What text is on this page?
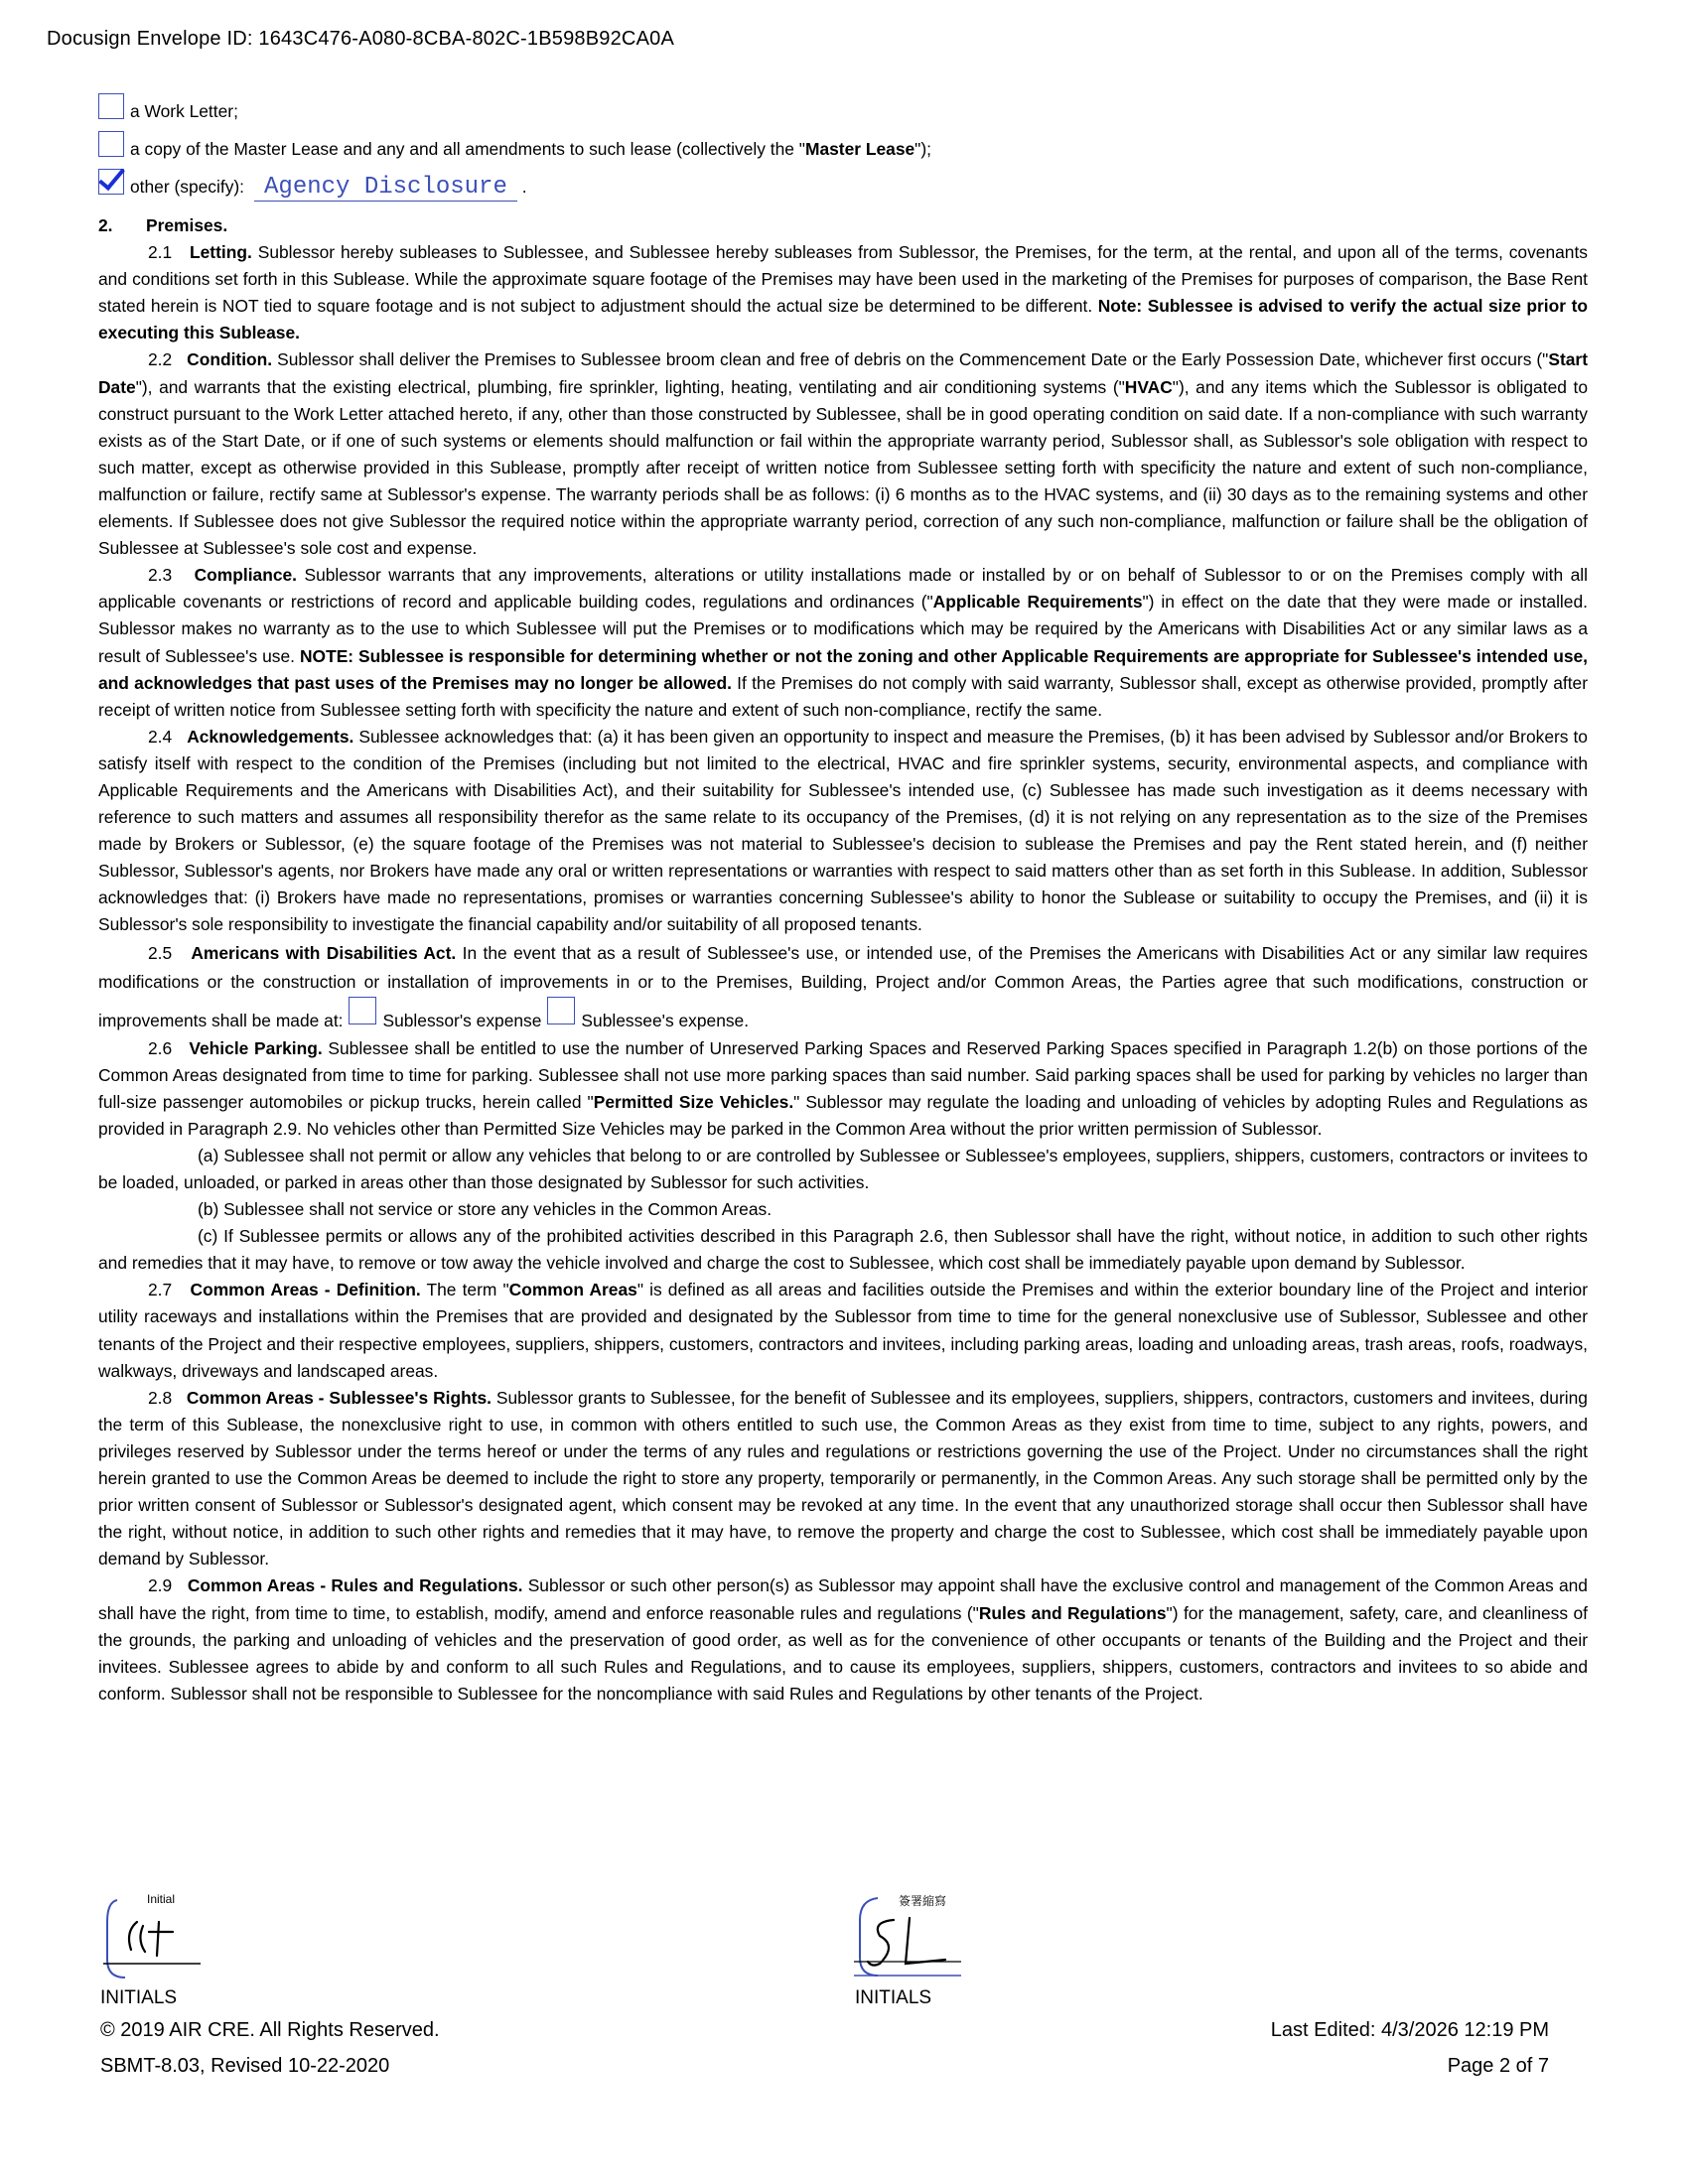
Docusign Envelope ID: 1643C476-A080-8CBA-802C-1B598B92CA0A
a Work Letter;
a copy of the Master Lease and any and all amendments to such lease (collectively the "Master Lease");
other (specify): Agency Disclosure .
2. Premises.

2.1 Letting. Sublessor hereby subleases to Sublessee, and Sublessee hereby subleases from Sublessor, the Premises, for the term, at the rental, and upon all of the terms, covenants and conditions set forth in this Sublease. While the approximate square footage of the Premises may have been used in the marketing of the Premises for purposes of comparison, the Base Rent stated herein is NOT tied to square footage and is not subject to adjustment should the actual size be determined to be different. Note: Sublessee is advised to verify the actual size prior to executing this Sublease.

2.2 Condition. Sublessor shall deliver the Premises to Sublessee broom clean and free of debris on the Commencement Date or the Early Possession Date, whichever first occurs ("Start Date"), and warrants that the existing electrical, plumbing, fire sprinkler, lighting, heating, ventilating and air conditioning systems ("HVAC"), and any items which the Sublessor is obligated to construct pursuant to the Work Letter attached hereto, if any, other than those constructed by Sublessee, shall be in good operating condition on said date. If a non-compliance with such warranty exists as of the Start Date, or if one of such systems or elements should malfunction or fail within the appropriate warranty period, Sublessor shall, as Sublessor's sole obligation with respect to such matter, except as otherwise provided in this Sublease, promptly after receipt of written notice from Sublessee setting forth with specificity the nature and extent of such non-compliance, malfunction or failure, rectify same at Sublessor's expense. The warranty periods shall be as follows: (i) 6 months as to the HVAC systems, and (ii) 30 days as to the remaining systems and other elements. If Sublessee does not give Sublessor the required notice within the appropriate warranty period, correction of any such non-compliance, malfunction or failure shall be the obligation of Sublessee at Sublessee's sole cost and expense.

2.3 Compliance. Sublessor warrants that any improvements, alterations or utility installations made or installed by or on behalf of Sublessor to or on the Premises comply with all applicable covenants or restrictions of record and applicable building codes, regulations and ordinances ("Applicable Requirements") in effect on the date that they were made or installed. Sublessor makes no warranty as to the use to which Sublessee will put the Premises or to modifications which may be required by the Americans with Disabilities Act or any similar laws as a result of Sublessee's use. NOTE: Sublessee is responsible for determining whether or not the zoning and other Applicable Requirements are appropriate for Sublessee's intended use, and acknowledges that past uses of the Premises may no longer be allowed. If the Premises do not comply with said warranty, Sublessor shall, except as otherwise provided, promptly after receipt of written notice from Sublessee setting forth with specificity the nature and extent of such non-compliance, rectify the same.

2.4 Acknowledgements. Sublessee acknowledges that: (a) it has been given an opportunity to inspect and measure the Premises, (b) it has been advised by Sublessor and/or Brokers to satisfy itself with respect to the condition of the Premises (including but not limited to the electrical, HVAC and fire sprinkler systems, security, environmental aspects, and compliance with Applicable Requirements and the Americans with Disabilities Act), and their suitability for Sublessee's intended use, (c) Sublessee has made such investigation as it deems necessary with reference to such matters and assumes all responsibility therefor as the same relate to its occupancy of the Premises, (d) it is not relying on any representation as to the size of the Premises made by Brokers or Sublessor, (e) the square footage of the Premises was not material to Sublessee's decision to sublease the Premises and pay the Rent stated herein, and (f) neither Sublessor, Sublessor's agents, nor Brokers have made any oral or written representations or warranties with respect to said matters other than as set forth in this Sublease. In addition, Sublessor acknowledges that: (i) Brokers have made no representations, promises or warranties concerning Sublessee's ability to honor the Sublease or suitability to occupy the Premises, and (ii) it is Sublessor's sole responsibility to investigate the financial capability and/or suitability of all proposed tenants.

2.5 Americans with Disabilities Act. In the event that as a result of Sublessee's use, or intended use, of the Premises the Americans with Disabilities Act or any similar law requires modifications or the construction or installation of improvements in or to the Premises, Building, Project and/or Common Areas, the Parties agree that such modifications, construction or improvements shall be made at: Sublessor's expense Sublessee's expense.

2.6 Vehicle Parking. Sublessee shall be entitled to use the number of Unreserved Parking Spaces and Reserved Parking Spaces specified in Paragraph 1.2(b) on those portions of the Common Areas designated from time to time for parking. Sublessee shall not use more parking spaces than said number. Said parking spaces shall be used for parking by vehicles no larger than full-size passenger automobiles or pickup trucks, herein called "Permitted Size Vehicles." Sublessor may regulate the loading and unloading of vehicles by adopting Rules and Regulations as provided in Paragraph 2.9. No vehicles other than Permitted Size Vehicles may be parked in the Common Area without the prior written permission of Sublessor.

(a) Sublessee shall not permit or allow any vehicles that belong to or are controlled by Sublessee or Sublessee's employees, suppliers, shippers, customers, contractors or invitees to be loaded, unloaded, or parked in areas other than those designated by Sublessor for such activities.

(b) Sublessee shall not service or store any vehicles in the Common Areas.

(c) If Sublessee permits or allows any of the prohibited activities described in this Paragraph 2.6, then Sublessor shall have the right, without notice, in addition to such other rights and remedies that it may have, to remove or tow away the vehicle involved and charge the cost to Sublessee, which cost shall be immediately payable upon demand by Sublessor.

2.7 Common Areas - Definition. The term "Common Areas" is defined as all areas and facilities outside the Premises and within the exterior boundary line of the Project and interior utility raceways and installations within the Premises that are provided and designated by the Sublessor from time to time for the general nonexclusive use of Sublessor, Sublessee and other tenants of the Project and their respective employees, suppliers, shippers, customers, contractors and invitees, including parking areas, loading and unloading areas, trash areas, roofs, roadways, walkways, driveways and landscaped areas.

2.8 Common Areas - Sublessee's Rights. Sublessor grants to Sublessee, for the benefit of Sublessee and its employees, suppliers, shippers, contractors, customers and invitees, during the term of this Sublease, the nonexclusive right to use, in common with others entitled to such use, the Common Areas as they exist from time to time, subject to any rights, powers, and privileges reserved by Sublessor under the terms hereof or under the terms of any rules and regulations or restrictions governing the use of the Project. Under no circumstances shall the right herein granted to use the Common Areas be deemed to include the right to store any property, temporarily or permanently, in the Common Areas. Any such storage shall be permitted only by the prior written consent of Sublessor or Sublessor's designated agent, which consent may be revoked at any time. In the event that any unauthorized storage shall occur then Sublessor shall have the right, without notice, in addition to such other rights and remedies that it may have, to remove the property and charge the cost to Sublessee, which cost shall be immediately payable upon demand by Sublessor.

2.9 Common Areas - Rules and Regulations. Sublessor or such other person(s) as Sublessor may appoint shall have the exclusive control and management of the Common Areas and shall have the right, from time to time, to establish, modify, amend and enforce reasonable rules and regulations ("Rules and Regulations") for the management, safety, care, and cleanliness of the grounds, the parking and unloading of vehicles and the preservation of good order, as well as for the convenience of other occupants or tenants of the Building and the Project and their invitees. Sublessee agrees to abide by and conform to all such Rules and Regulations, and to cause its employees, suppliers, shippers, customers, contractors and invitees to so abide and conform. Sublessor shall not be responsible to Sublessee for the noncompliance with said Rules and Regulations by other tenants of the Project.

Initial
INITIALS
簽署縮寫
INITIALS
© 2019 AIR CRE. All Rights Reserved.
SBMT-8.03, Revised 10-22-2020
Last Edited: 4/3/2026 12:19 PM
Page 2 of 7
